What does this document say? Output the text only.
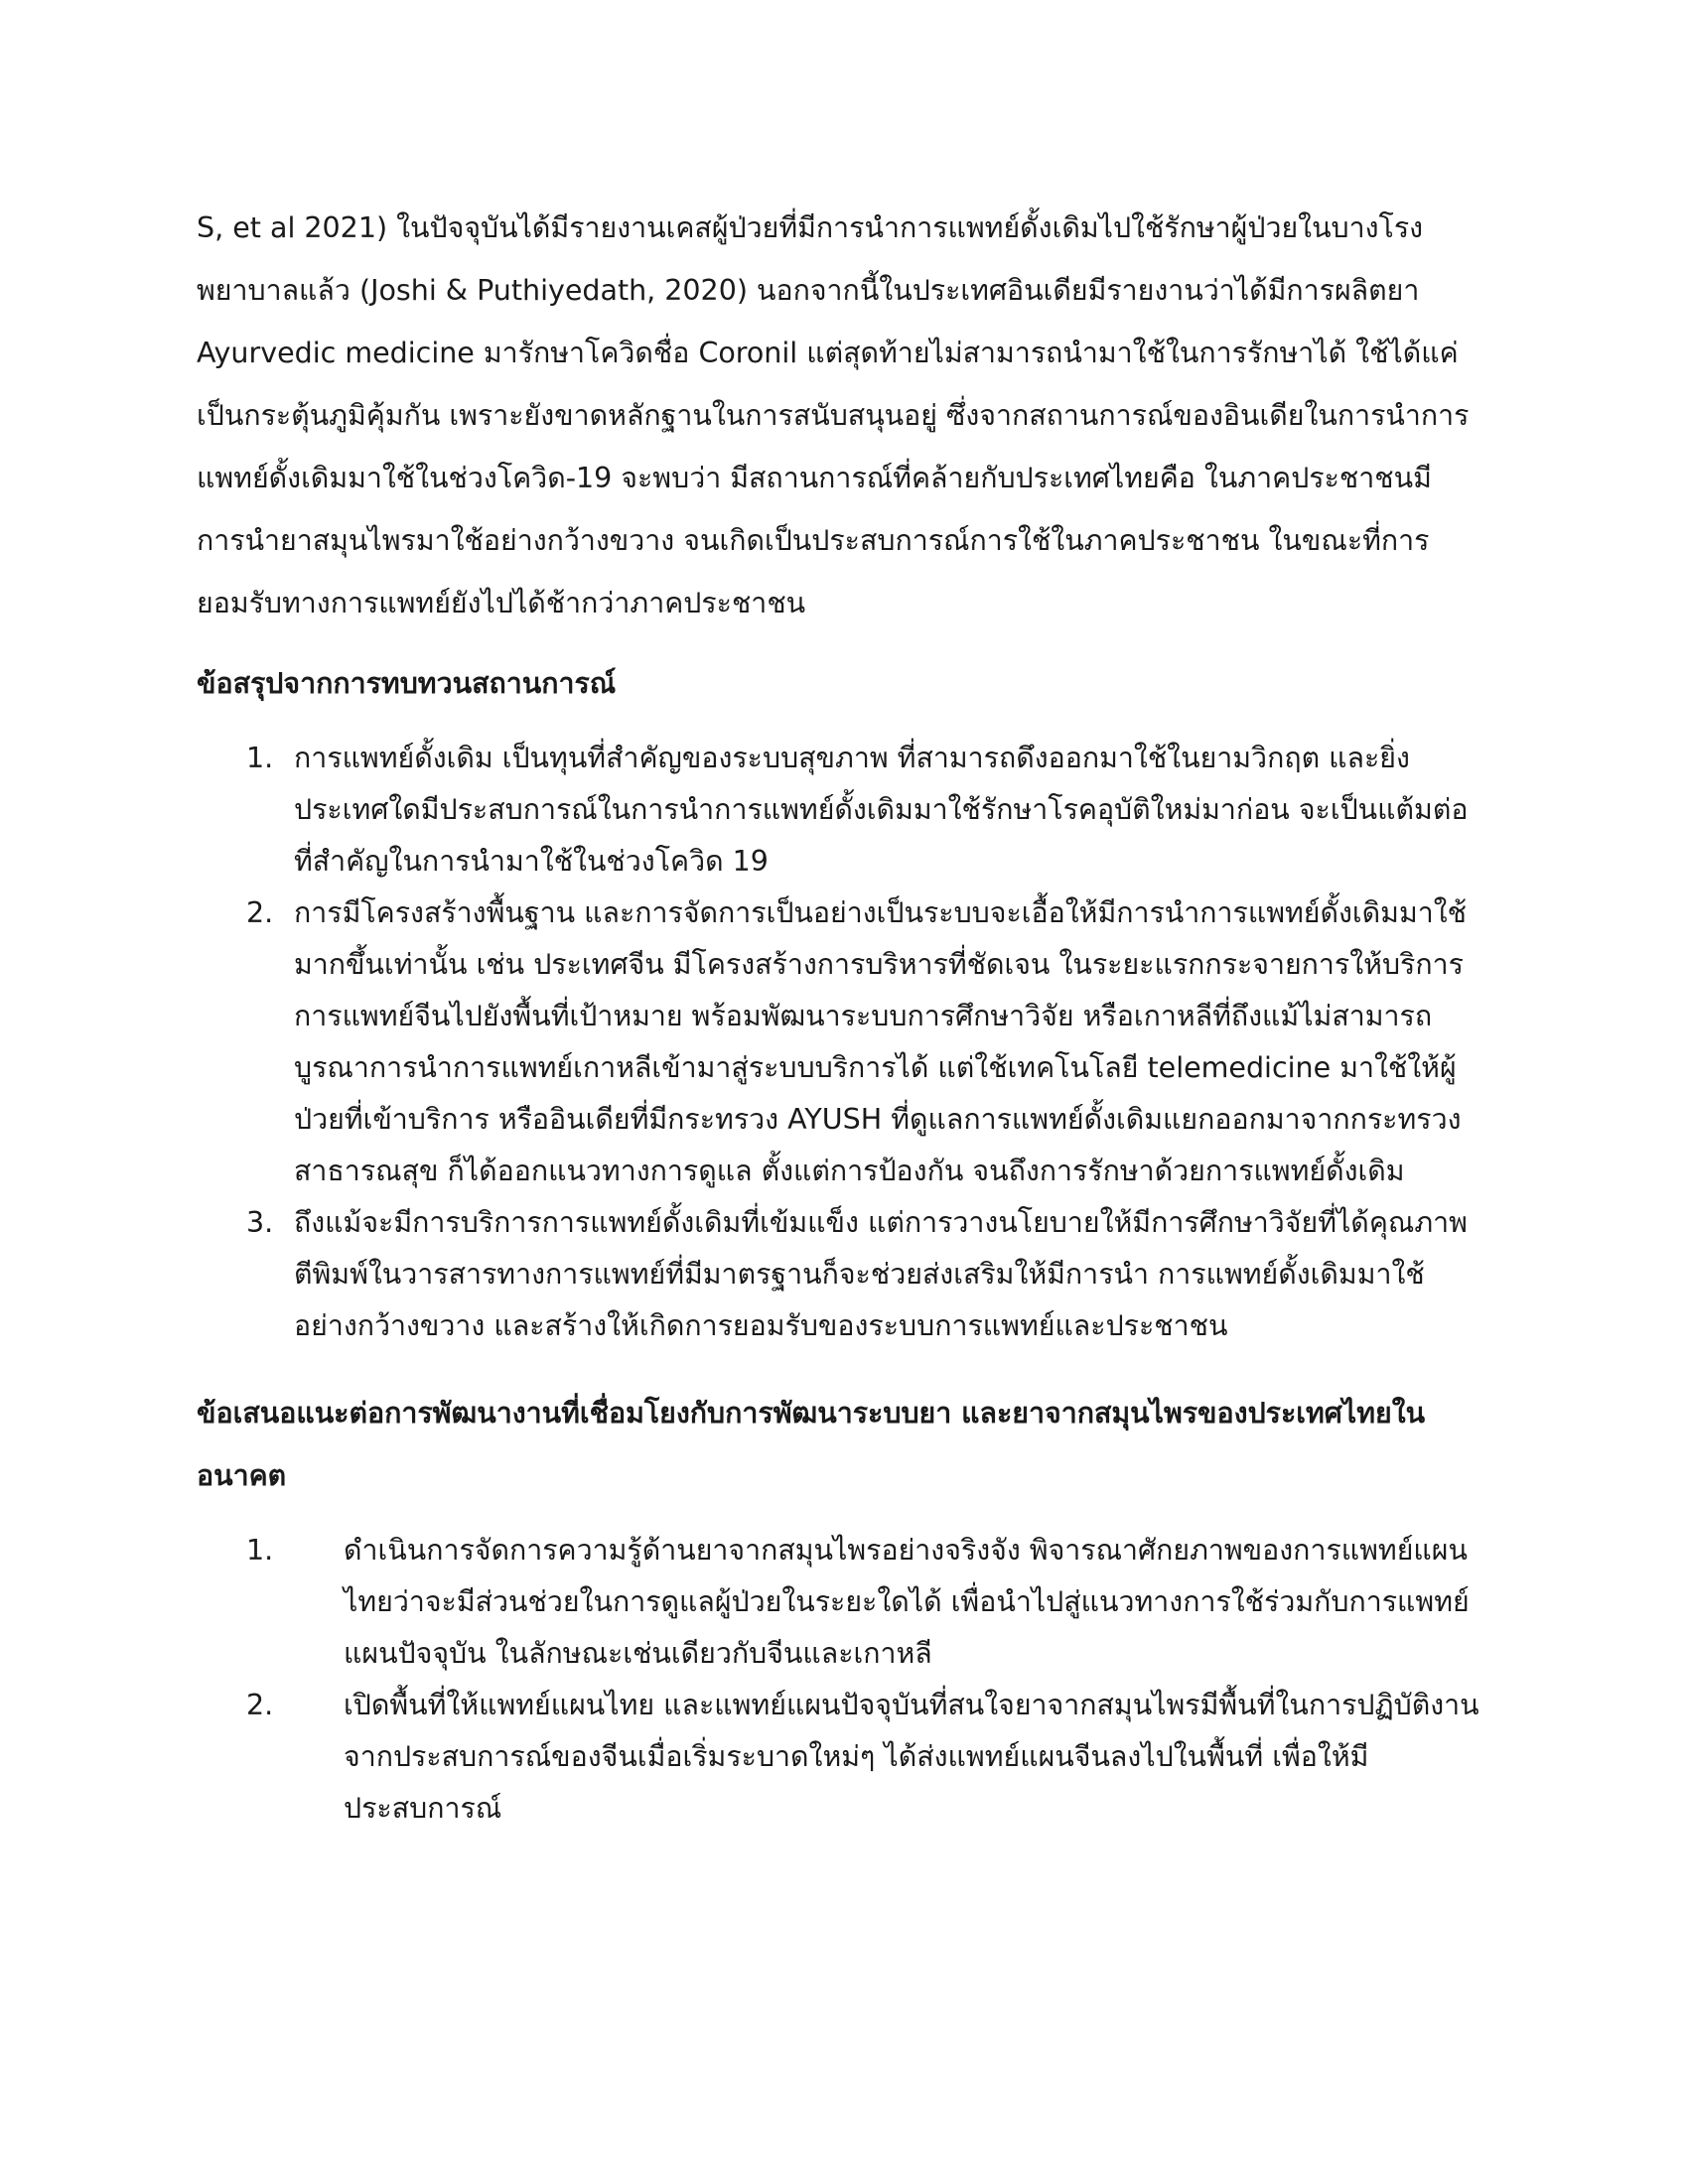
S, et al 2021) ในปัจจุบันได้มีรายงานเคสผู้ป่วยที่มีการนำการแพทย์ดั้งเดิมไปใช้รักษาผู้ป่วยในบางโรงพยาบาลแล้ว (Joshi & Puthiyedath, 2020) นอกจากนี้ในประเทศอินเดียมีรายงานว่าได้มีการผลิตยา Ayurvedic medicine มารักษาโควิดชื่อ Coronil แต่สุดท้ายไม่สามารถนำมาใช้ในการรักษาได้ ใช้ได้แค่เป็นกระตุ้นภูมิคุ้มกัน เพราะยังขาดหลักฐานในการสนับสนุนอยู่ ซึ่งจากสถานการณ์ของอินเดียในการนำการแพทย์ดั้งเดิมมาใช้ในช่วงโควิด-19 จะพบว่า มีสถานการณ์ที่คล้ายกับประเทศไทยคือ ในภาคประชาชนมีการนำยาสมุนไพรมาใช้อย่างกว้างขวาง จนเกิดเป็นประสบการณ์การใช้ในภาคประชาชน ในขณะที่การยอมรับทางการแพทย์ยังไปได้ช้ากว่าภาคประชาชน

ข้อสรุปจากการทบทวนสถานการณ์

1. การแพทย์ดั้งเดิม เป็นทุนที่สำคัญของระบบสุขภาพ ที่สามารถดึงออกมาใช้ในยามวิกฤต และยิ่งประเทศใดมีประสบการณ์ในการนำการแพทย์ดั้งเดิมมาใช้รักษาโรคอุบัติใหม่มาก่อน จะเป็นแต้มต่อที่สำคัญในการนำมาใช้ในช่วงโควิด 19
2. การมีโครงสร้างพื้นฐาน และการจัดการเป็นอย่างเป็นระบบจะเอื้อให้มีการนำการแพทย์ดั้งเดิมมาใช้มากขึ้นเท่านั้น เช่น ประเทศจีน มีโครงสร้างการบริหารที่ชัดเจน ในระยะแรกกระจายการให้บริการการแพทย์จีนไปยังพื้นที่เป้าหมาย พร้อมพัฒนาระบบการศึกษาวิจัย หรือเกาหลีที่ถึงแม้ไม่สามารถบูรณาการนำการแพทย์เกาหลีเข้ามาสู่ระบบบริการได้ แต่ใช้เทคโนโลยี telemedicine มาใช้ให้ผู้ป่วยที่เข้าบริการ หรืออินเดียที่มีกระทรวง AYUSH ที่ดูแลการแพทย์ดั้งเดิมแยกออกมาจากกระทรวงสาธารณสุข ก็ได้ออกแนวทางการดูแล ตั้งแต่การป้องกัน จนถึงการรักษาด้วยการแพทย์ดั้งเดิม
3. ถึงแม้จะมีการบริการการแพทย์ดั้งเดิมที่เข้มแข็ง แต่การวางนโยบายให้มีการศึกษาวิจัยที่ได้คุณภาพตีพิมพ์ในวารสารทางการแพทย์ที่มีมาตรฐานก็จะช่วยส่งเสริมให้มีการนำ การแพทย์ดั้งเดิมมาใช้อย่างกว้างขวาง และสร้างให้เกิดการยอมรับของระบบการแพทย์และประชาชน

ข้อเสนอแนะต่อการพัฒนางานที่เชื่อมโยงกับการพัฒนาระบบยา และยาจากสมุนไพรของประเทศไทยในอนาคต

1. ดำเนินการจัดการความรู้ด้านยาจากสมุนไพรอย่างจริงจัง พิจารณาศักยภาพของการแพทย์แผนไทยว่าจะมีส่วนช่วยในการดูแลผู้ป่วยในระยะใดได้ เพื่อนำไปสู่แนวทางการใช้ร่วมกับการแพทย์แผนปัจจุบัน ในลักษณะเช่นเดียวกับจีนและเกาหลี
2. เปิดพื้นที่ให้แพทย์แผนไทย และแพทย์แผนปัจจุบันที่สนใจยาจากสมุนไพรมีพื้นที่ในการปฏิบัติงานจากประสบการณ์ของจีนเมื่อเริ่มระบาดใหม่ๆ ได้ส่งแพทย์แผนจีนลงไปในพื้นที่ เพื่อให้มีประสบการณ์
